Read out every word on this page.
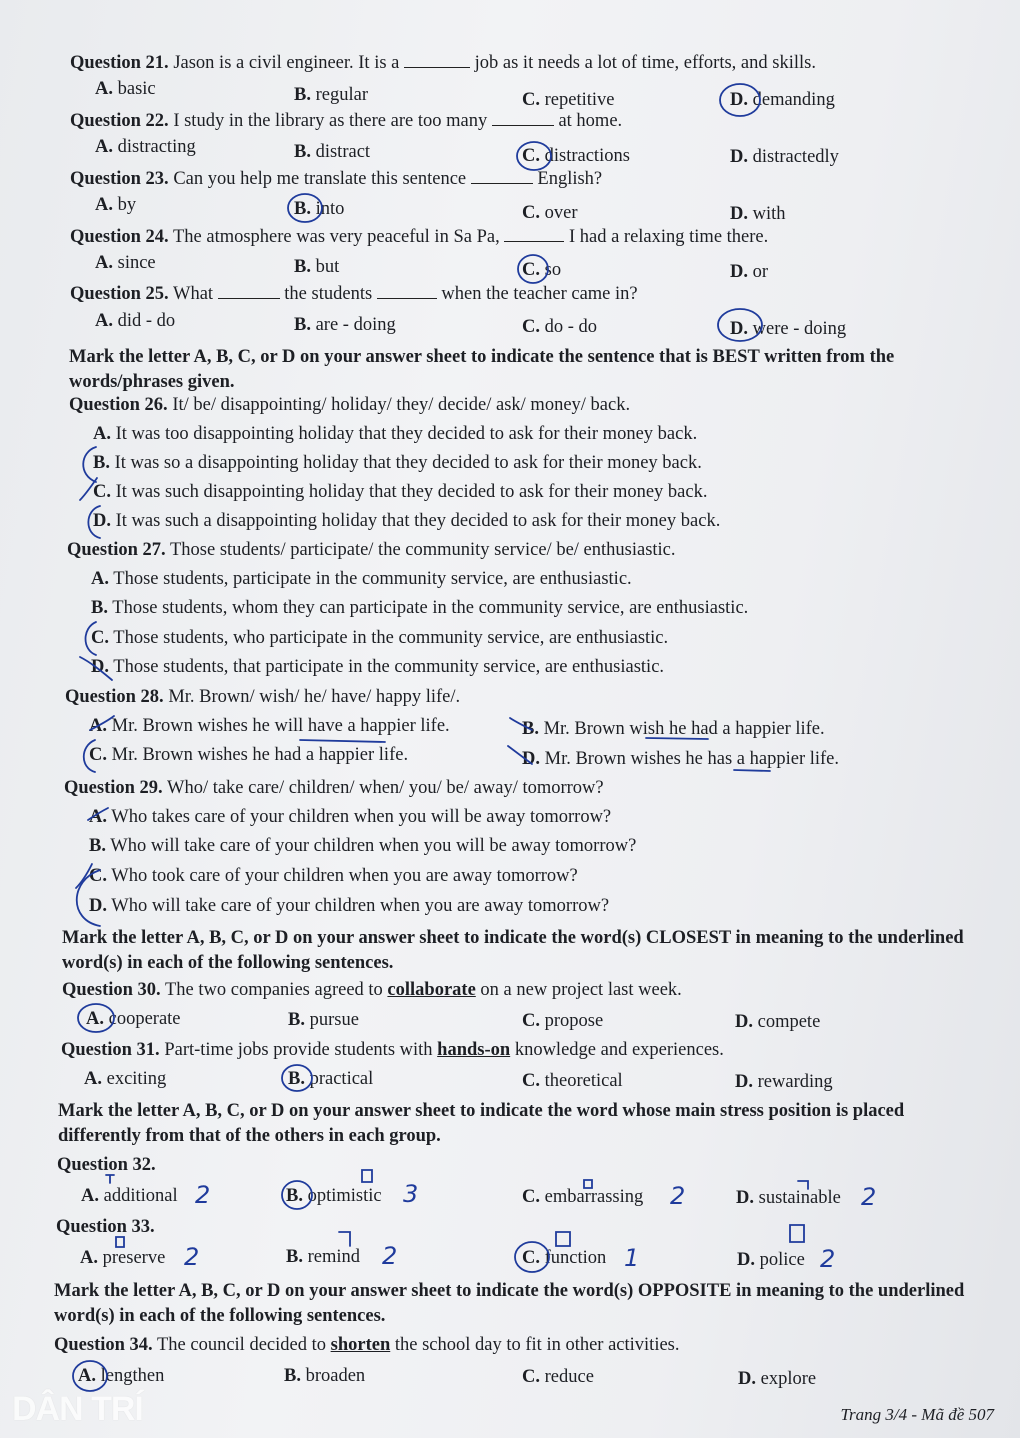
Question 21. Jason is a civil engineer. It is a	job as it needs a lot of time, efforts, and skills.
A. basic	B. regular	C. repetitive	D. demanding
Question 22. I study in the library as there are too many	at home.
A. distracting	B. distract	C. distractions	D. distractedly
Question 23. Can you help me translate this sentence	English?
A. by	B. into	C. over	D. with
Question 24. The atmosphere was very peaceful in Sa Pa,	I had a relaxing time there.
A. since	B. but	C. so	D. or
Question 25. What	the students	when the teacher came in?
A. did - do	B. are - doing	C. do - do	D. were - doing
Mark the letter A, B, C, or D on your answer sheet to indicate the sentence that is BEST written from the words/phrases given.
Question 26. It/ be/ disappointing/ holiday/ they/ decide/ ask/ money/ back.
A. It was too disappointing holiday that they decided to ask for their money back.
B. It was so a disappointing holiday that they decided to ask for their money back.
C. It was such disappointing holiday that they decided to ask for their money back.
D. It was such a disappointing holiday that they decided to ask for their money back.
Question 27. Those students/ participate/ the community service/ be/ enthusiastic.
A. Those students, participate in the community service, are enthusiastic.
B. Those students, whom they can participate in the community service, are enthusiastic.
C. Those students, who participate in the community service, are enthusiastic.
D. Those students, that participate in the community service, are enthusiastic.
Question 28. Mr. Brown/ wish/ he/ have/ happy life/.
A. Mr. Brown wishes he will have a happier life.	B. Mr. Brown wish he had a happier life.
C. Mr. Brown wishes he had a happier life.	D. Mr. Brown wishes he has a happier life.
Question 29. Who/ take care/ children/ when/ you/ be/ away/ tomorrow?
A. Who takes care of your children when you will be away tomorrow?
B. Who will take care of your children when you will be away tomorrow?
C. Who took care of your children when you are away tomorrow?
D. Who will take care of your children when you are away tomorrow?
Mark the letter A, B, C, or D on your answer sheet to indicate the word(s) CLOSEST in meaning to the underlined word(s) in each of the following sentences.
Question 30. The two companies agreed to collaborate on a new project last week.
A. cooperate	B. pursue	C. propose	D. compete
Question 31. Part-time jobs provide students with hands-on knowledge and experiences.
A. exciting	B. practical	C. theoretical	D. rewarding
Mark the letter A, B, C, or D on your answer sheet to indicate the word whose main stress position is placed differently from that of the others in each group.
Question 32.
A. additional	B. optimistic	C. embarrassing	D. sustainable
2	3	2	2
Question 33.
A. preserve	B. remind	C. function	D. police
2	2	1	2
Mark the letter A, B, C, or D on your answer sheet to indicate the word(s) OPPOSITE in meaning to the underlined word(s) in each of the following sentences.
Question 34. The council decided to shorten the school day to fit in other activities.
A. lengthen	B. broaden	C. reduce	D. explore
Trang 3/4 - Mã đề 507
DÂN TRÍ
